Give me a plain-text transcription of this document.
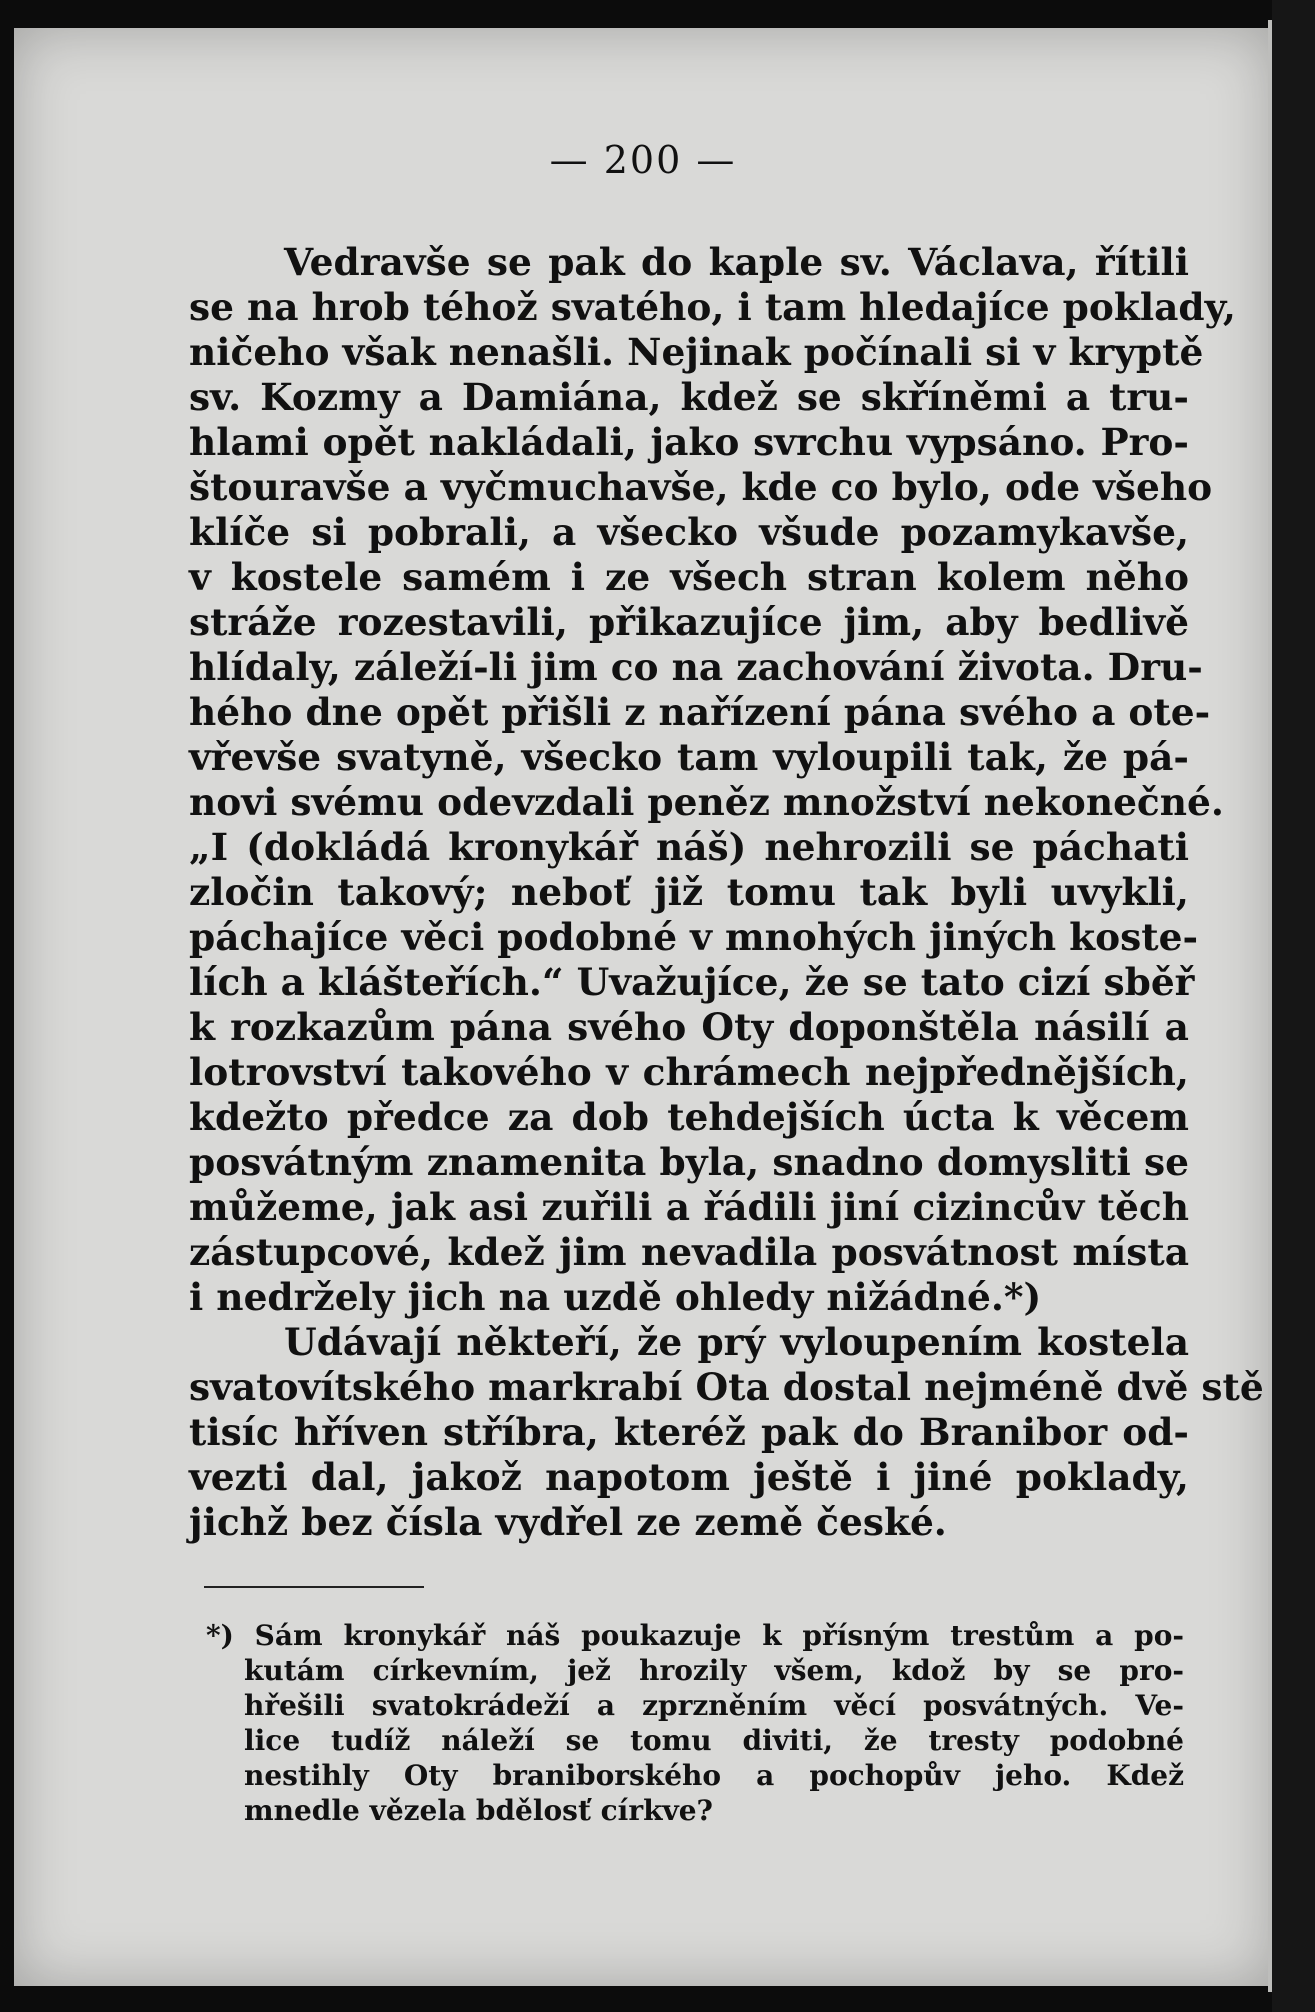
— 200 —
Vedravše se pak do kaple sv. Václava, řítili
se na hrob téhož svatého, i tam hledajíce poklady,
ničeho však nenašli. Nejinak počínali si v kryptě
sv. Kozmy a Damiána, kdež se skříněmi a tru-
hlami opět nakládali, jako svrchu vypsáno. Pro-
štouravše a vyčmuchavše, kde co bylo, ode všeho
klíče si pobrali, a všecko všude pozamykavše,
v kostele samém i ze všech stran kolem něho
stráže rozestavili, přikazujíce jim, aby bedlivě
hlídaly, záleží-li jim co na zachování života. Dru-
hého dne opět přišli z nařízení pána svého a ote-
vřevše svatyně, všecko tam vyloupili tak, že pá-
novi svému odevzdali peněz množství nekonečné.
„I (dokládá kronykář náš) nehrozili se páchati
zločin takový; neboť již tomu tak byli uvykli,
páchajíce věci podobné v mnohých jiných koste-
lích a klášteřích.“ Uvažujíce, že se tato cizí sběř
k rozkazům pána svého Oty doponštěla násilí a
lotrovství takového v chrámech nejpřednějších,
kdežto předce za dob tehdejších úcta k věcem
posvátným znamenita byla, snadno domysliti se
můžeme, jak asi zuřili a řádili jiní cizincův těch
zástupcové, kdež jim nevadila posvátnost místa
i nedržely jich na uzdě ohledy nižádné.*)
Udávají někteří, že prý vyloupením kostela
svatovítského markrabí Ota dostal nejméně dvě stě
tisíc hříven stříbra, kteréž pak do Branibor od-
vezti dal, jakož napotom ještě i jiné poklady,
jichž bez čísla vydřel ze země české.
*) Sám kronykář náš poukazuje k přísným trestům a po-
kutám církevním, jež hrozily všem, kdož by se pro-
hřešili svatokrádeží a zprzněním věcí posvátných. Ve-
lice tudíž náleží se tomu diviti, že tresty podobné
nestihly Oty braniborského a pochopův jeho. Kdež
mnedle vězela bdělosť církve?
